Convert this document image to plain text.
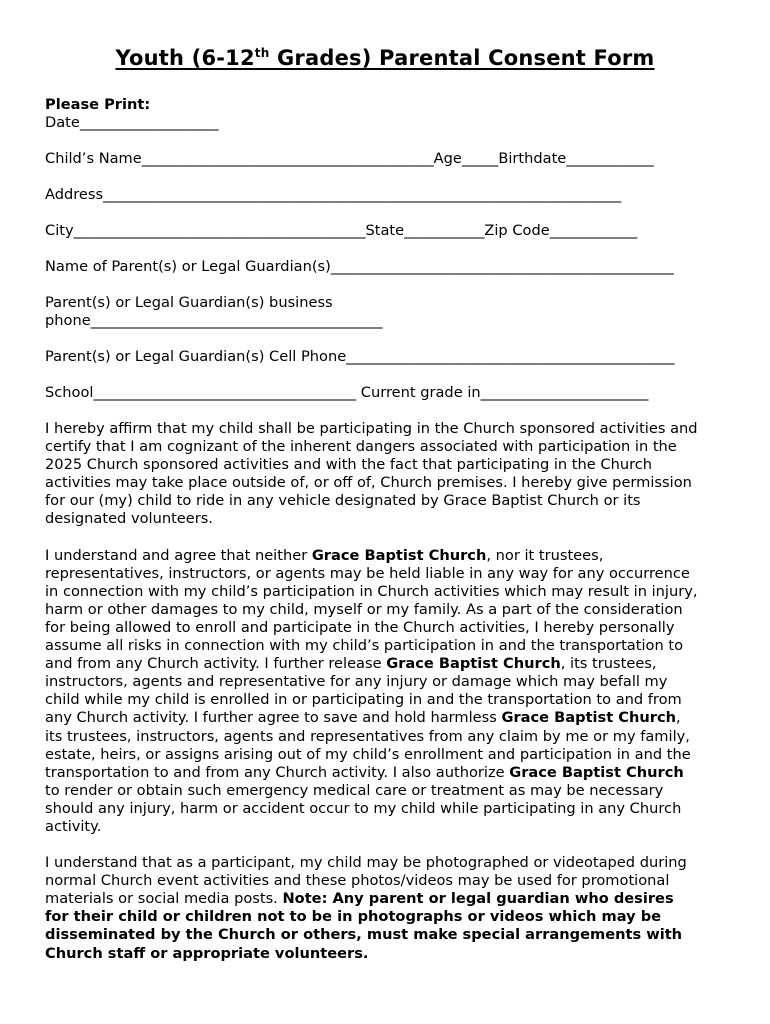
Youth (6-12th Grades) Parental Consent Form
Please Print:
Date___________________
Child’s Name________________________________________Age_____Birthdate____________
Address_______________________________________________________________________
City________________________________________State___________Zip Code____________
Name of Parent(s) or Legal Guardian(s)_______________________________________________
Parent(s) or Legal Guardian(s) business
phone________________________________________
Parent(s) or Legal Guardian(s) Cell Phone_____________________________________________
School____________________________________ Current grade in_______________________
I hereby affirm that my child shall be participating in the Church sponsored activities and
certify that I am cognizant of the inherent dangers associated with participation in the
2025 Church sponsored activities and with the fact that participating in the Church
activities may take place outside of, or off of, Church premises. I hereby give permission
for our (my) child to ride in any vehicle designated by Grace Baptist Church or its
designated volunteers.
I understand and agree that neither Grace Baptist Church, nor it trustees,
representatives, instructors, or agents may be held liable in any way for any occurrence
in connection with my child’s participation in Church activities which may result in injury,
harm or other damages to my child, myself or my family. As a part of the consideration
for being allowed to enroll and participate in the Church activities, I hereby personally
assume all risks in connection with my child’s participation in and the transportation to
and from any Church activity. I further release Grace Baptist Church, its trustees,
instructors, agents and representative for any injury or damage which may befall my
child while my child is enrolled in or participating in and the transportation to and from
any Church activity. I further agree to save and hold harmless Grace Baptist Church,
its trustees, instructors, agents and representatives from any claim by me or my family,
estate, heirs, or assigns arising out of my child’s enrollment and participation in and the
transportation to and from any Church activity. I also authorize Grace Baptist Church
to render or obtain such emergency medical care or treatment as may be necessary
should any injury, harm or accident occur to my child while participating in any Church
activity.
I understand that as a participant, my child may be photographed or videotaped during
normal Church event activities and these photos/videos may be used for promotional
materials or social media posts. Note: Any parent or legal guardian who desires
for their child or children not to be in photographs or videos which may be
disseminated by the Church or others, must make special arrangements with
Church staff or appropriate volunteers.
